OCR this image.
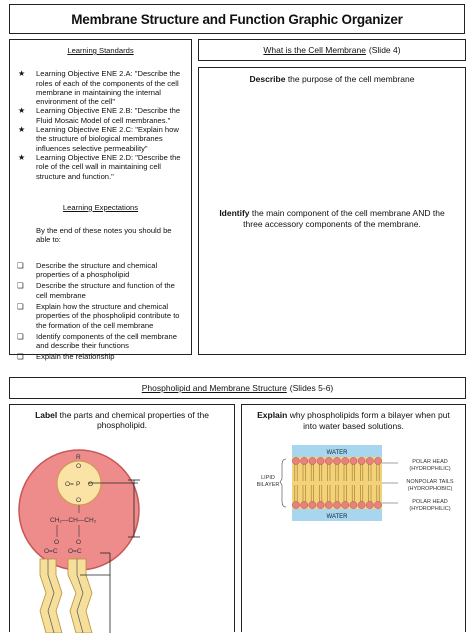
Membrane Structure and Function Graphic Organizer

Learning Standards

★ Learning Objective ENE 2.A: "Describe the roles of each of the components of the cell membrane in maintaining the internal environment of the cell"
★ Learning Objective ENE 2.B: "Describe the Fluid Mosaic Model of cell membranes."
★ Learning Objective ENE 2.C: "Explain how the structure of biological membranes influences selective permeability"
★ Learning Objective ENE 2.D: "Describe the role of the cell wall in maintaining cell structure and function."

Learning Expectations

By the end of these notes you should be able to:

❏ Describe the structure and chemical properties of a phospholipid
❏ Describe the structure and function of the cell membrane
❏ Explain how the structure and chemical properties of the phospholipid contribute to the formation of the cell membrane
❏ Identify components of the cell membrane and describe their functions
❏ Explain the relationship
What is the Cell Membrane (Slide 4)

Describe the purpose of the cell membrane

Identify the main component of the cell membrane AND the three accessory components of the membrane.

Phospholipid and Membrane Structure (Slides 5-6)

Label the parts and chemical properties of the phospholipid.

R
O
O= P O
O
CH₂—CH—CH₂
O	O
O=C O=C

Explain why phospholipids form a bilayer when put into water based solutions.

WATER
WATER
LIPID
BILAYER
POLAR HEAD
(HYDROPHILIC)
NONPOLAR TAILS
(HYDROPHOBIC)
POLAR HEAD
(HYDROPHILIC)
